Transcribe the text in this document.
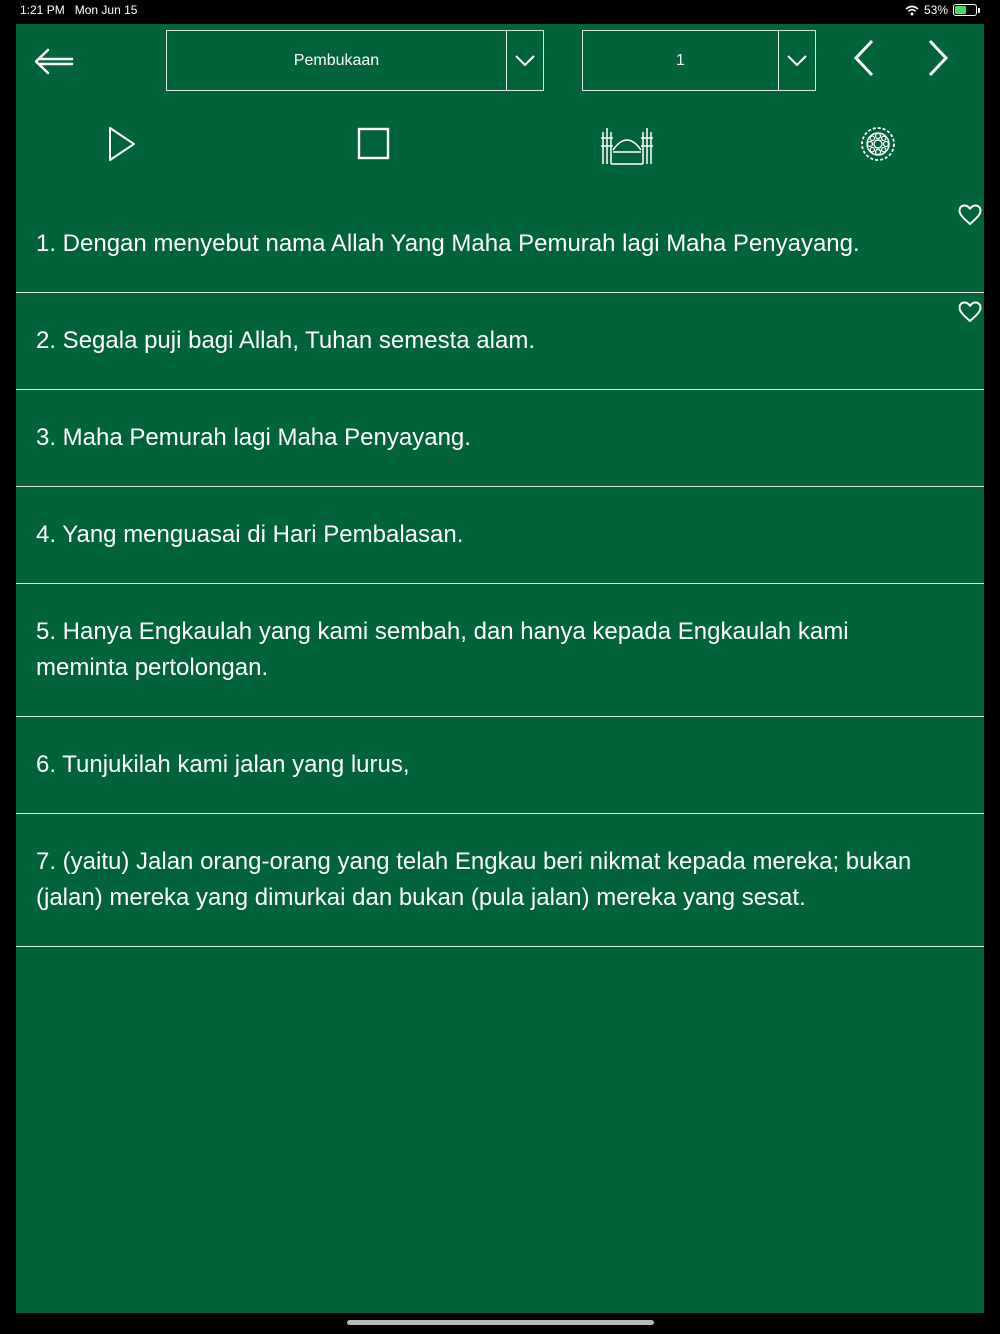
1:21 PM Mon Jun 15	53%
Pembukaan	1
1. Dengan menyebut nama Allah Yang Maha Pemurah lagi Maha Penyayang.
2. Segala puji bagi Allah, Tuhan semesta alam.
3. Maha Pemurah lagi Maha Penyayang.
4. Yang menguasai di Hari Pembalasan.
5. Hanya Engkaulah yang kami sembah, dan hanya kepada Engkaulah kami meminta pertolongan.
6. Tunjukilah kami jalan yang lurus,
7. (yaitu) Jalan orang-orang yang telah Engkau beri nikmat kepada mereka; bukan (jalan) mereka yang dimurkai dan bukan (pula jalan) mereka yang sesat.
